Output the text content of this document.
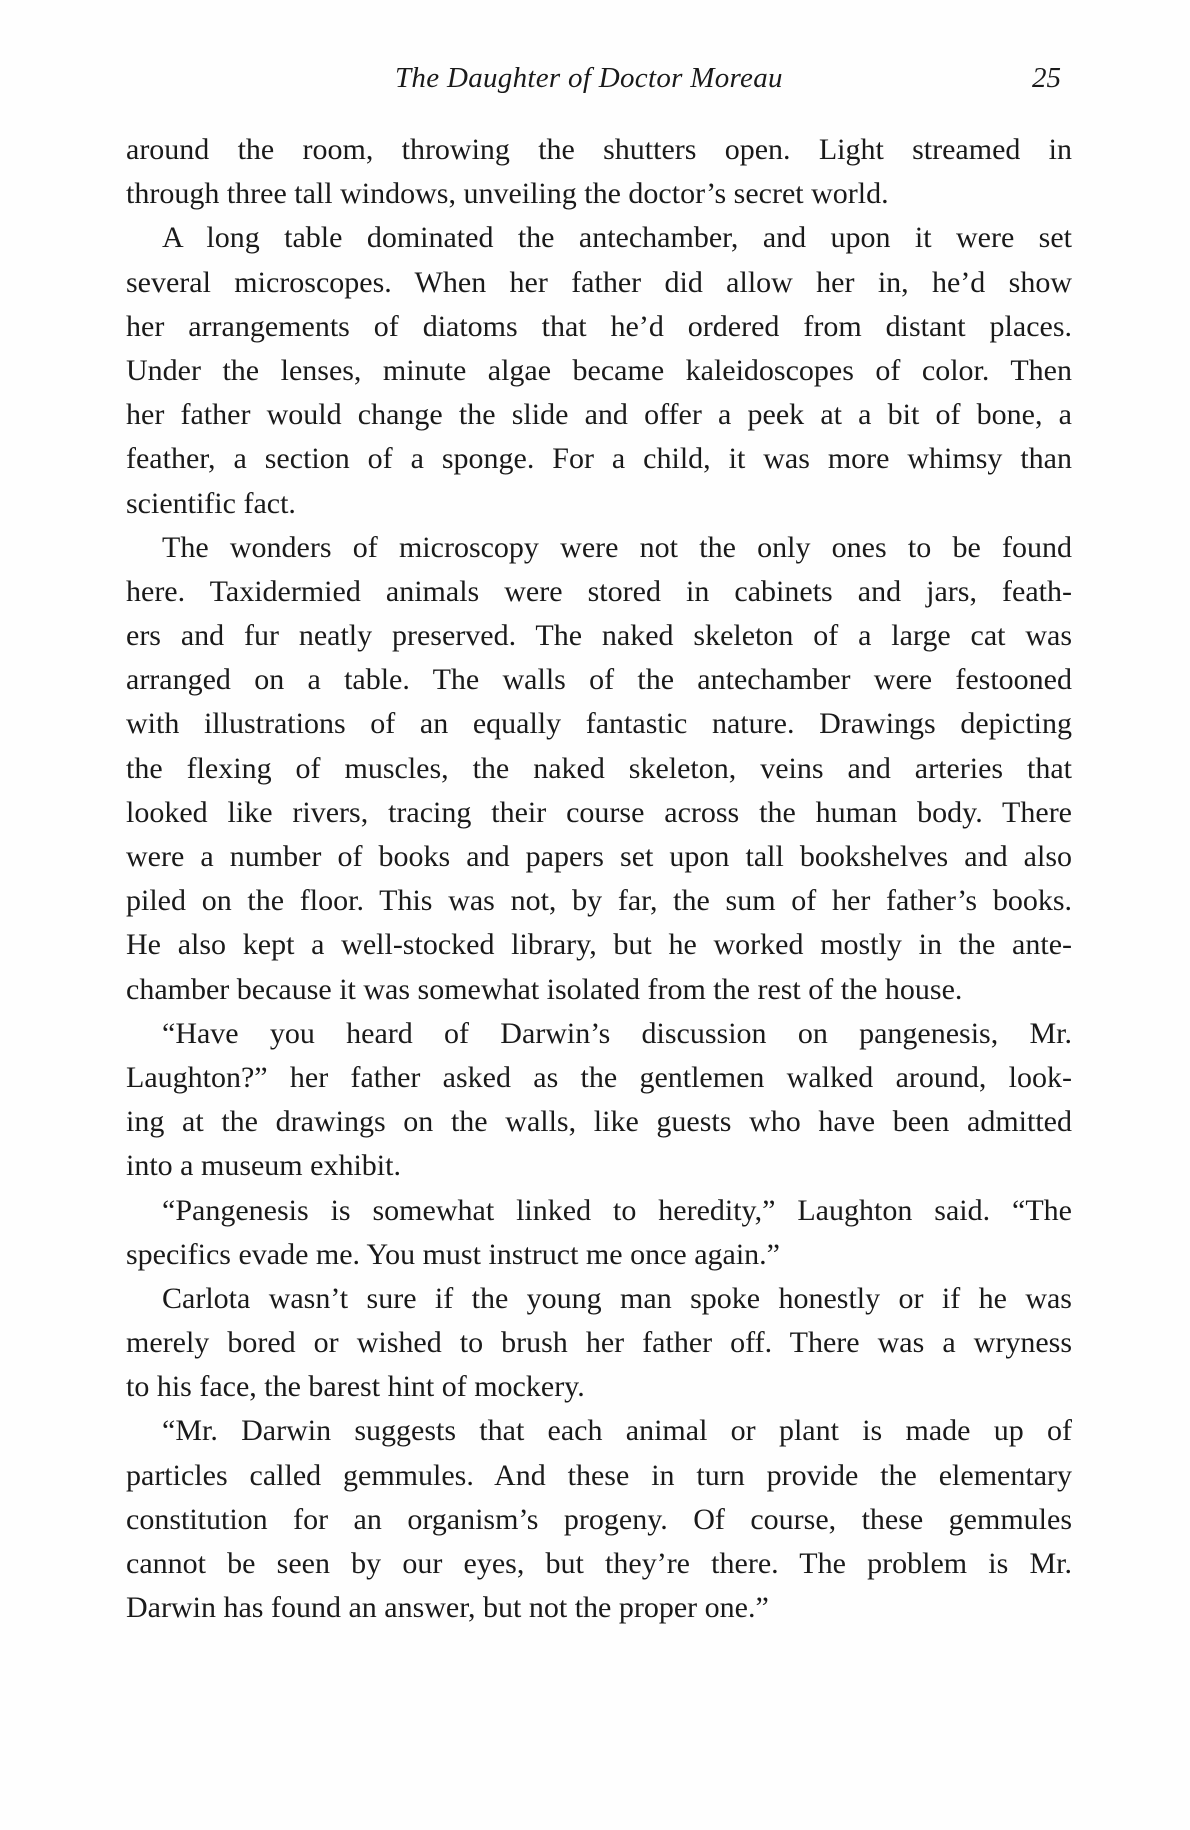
The Daughter of Doctor Moreau	25
around the room, throwing the shutters open. Light streamed in
through three tall windows, unveiling the doctor’s secret world.
A long table dominated the antechamber, and upon it were set
several microscopes. When her father did allow her in, he’d show
her arrangements of diatoms that he’d ordered from distant places.
Under the lenses, minute algae became kaleidoscopes of color. Then
her father would change the slide and offer a peek at a bit of bone, a
feather, a section of a sponge. For a child, it was more whimsy than
scientific fact.
The wonders of microscopy were not the only ones to be found
here. Taxidermied animals were stored in cabinets and jars, feath-
ers and fur neatly preserved. The naked skeleton of a large cat was
arranged on a table. The walls of the antechamber were festooned
with illustrations of an equally fantastic nature. Drawings depicting
the flexing of muscles, the naked skeleton, veins and arteries that
looked like rivers, tracing their course across the human body. There
were a number of books and papers set upon tall bookshelves and also
piled on the floor. This was not, by far, the sum of her father’s books.
He also kept a well-stocked library, but he worked mostly in the ante-
chamber because it was somewhat isolated from the rest of the house.
“Have you heard of Darwin’s discussion on pangenesis, Mr.
Laughton?” her father asked as the gentlemen walked around, look-
ing at the drawings on the walls, like guests who have been admitted
into a museum exhibit.
“Pangenesis is somewhat linked to heredity,” Laughton said. “The
specifics evade me. You must instruct me once again.”
Carlota wasn’t sure if the young man spoke honestly or if he was
merely bored or wished to brush her father off. There was a wryness
to his face, the barest hint of mockery.
“Mr. Darwin suggests that each animal or plant is made up of
particles called gemmules. And these in turn provide the elementary
constitution for an organism’s progeny. Of course, these gemmules
cannot be seen by our eyes, but they’re there. The problem is Mr.
Darwin has found an answer, but not the proper one.”
